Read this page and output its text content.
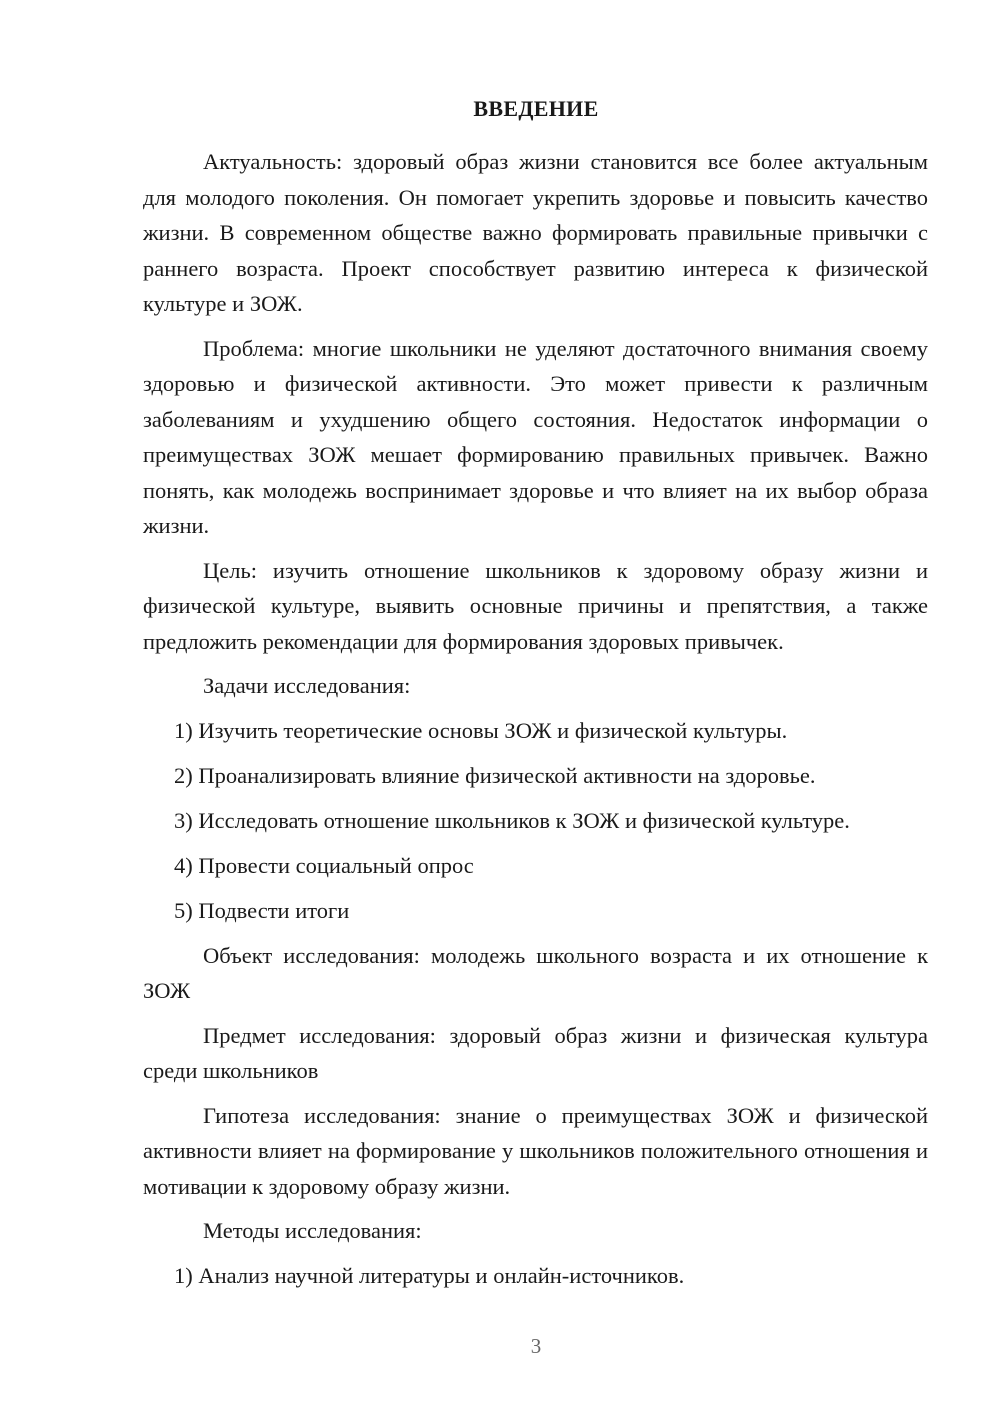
ВВЕДЕНИЕ

Актуальность: здоровый образ жизни становится все более актуальным для молодого поколения. Он помогает укрепить здоровье и повысить качество жизни. В современном обществе важно формировать правильные привычки с раннего возраста. Проект способствует развитию интереса к физической культуре и ЗОЖ.

Проблема: многие школьники не уделяют достаточного внимания своему здоровью и физической активности. Это может привести к различным заболеваниям и ухудшению общего состояния. Недостаток информации о преимуществах ЗОЖ мешает формированию правильных привычек. Важно понять, как молодежь воспринимает здоровье и что влияет на их выбор образа жизни.

Цель: изучить отношение школьников к здоровому образу жизни и физической культуре, выявить основные причины и препятствия, а также предложить рекомендации для формирования здоровых привычек.

Задачи исследования:

1) Изучить теоретические основы ЗОЖ и физической культуры.

2) Проанализировать влияние физической активности на здоровье.

3) Исследовать отношение школьников к ЗОЖ и физической культуре.

4) Провести социальный опрос

5) Подвести итоги

Объект исследования: молодежь школьного возраста и их отношение к ЗОЖ

Предмет исследования: здоровый образ жизни и физическая культура среди школьников

Гипотеза исследования: знание о преимуществах ЗОЖ и физической активности влияет на формирование у школьников положительного отношения и мотивации к здоровому образу жизни.

Методы исследования:

1) Анализ научной литературы и онлайн-источников.

3
